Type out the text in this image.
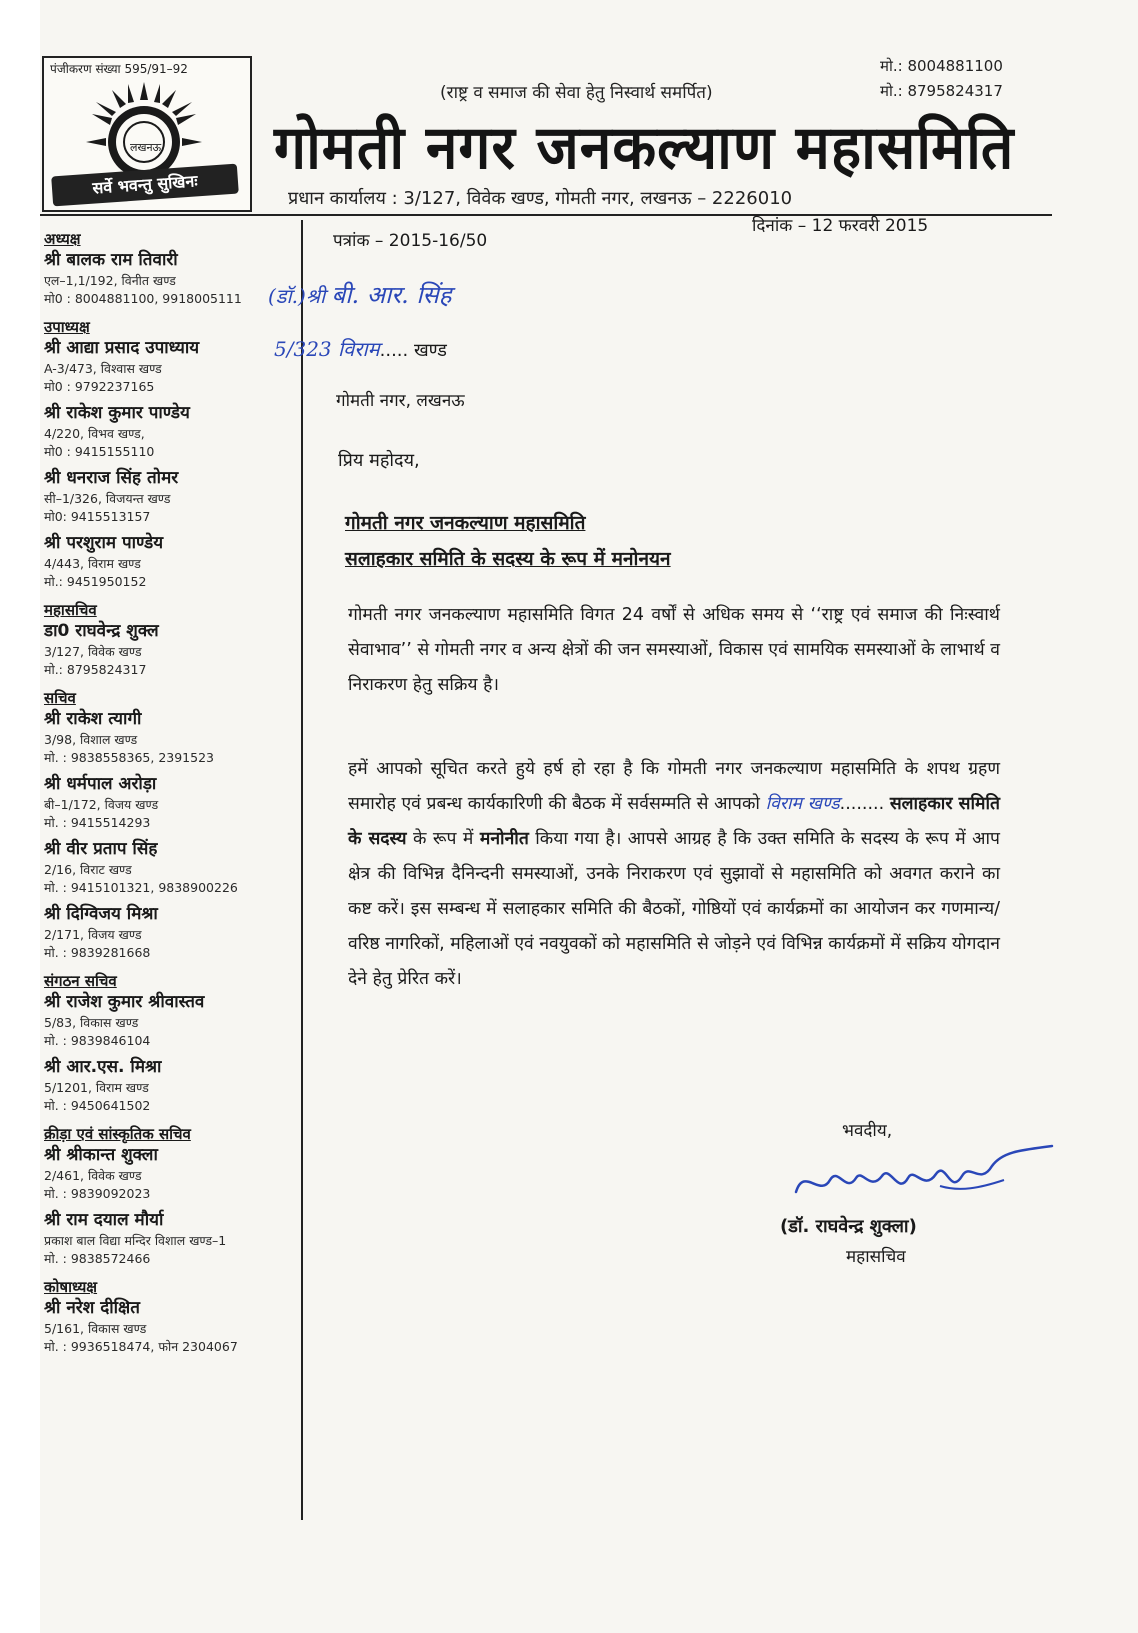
पंजीकरण संख्या 595/91–92
लखनऊ
सर्वे भवन्तु सुखिनः
मो.: 8004881100
मो.: 8795824317
(राष्ट्र व समाज की सेवा हेतु निस्वार्थ समर्पित)
गोमती नगर जनकल्याण महासमिति
प्रधान कार्यालय : 3/127, विवेक खण्ड, गोमती नगर, लखनऊ – 2226010
अध्यक्ष
श्री बालक राम तिवारी
एल–1,1/192, विनीत खण्ड
मो0 : 8004881100, 9918005111
उपाध्यक्ष
श्री आद्या प्रसाद उपाध्याय
A-3/473, विश्वास खण्ड
मो0 : 9792237165
श्री राकेश कुमार पाण्डेय
4/220, विभव खण्ड,
मो0 : 9415155110
श्री धनराज सिंह तोमर
सी–1/326, विजयन्त खण्ड
मो0: 9415513157
श्री परशुराम पाण्डेय
4/443, विराम खण्ड
मो.: 9451950152
महासचिव
डा0 राघवेन्द्र शुक्ल
3/127, विवेक खण्ड
मो.: 8795824317
सचिव
श्री राकेश त्यागी
3/98, विशाल खण्ड
मो. : 9838558365, 2391523
श्री धर्मपाल अरोड़ा
बी–1/172, विजय खण्ड
मो. : 9415514293
श्री वीर प्रताप सिंह
2/16, विराट खण्ड
मो. : 9415101321, 9838900226
श्री दिग्विजय मिश्रा
2/171, विजय खण्ड
मो. : 9839281668
संगठन सचिव
श्री राजेश कुमार श्रीवास्तव
5/83, विकास खण्ड
मो. : 9839846104
श्री आर.एस. मिश्रा
5/1201, विराम खण्ड
मो. : 9450641502
क्रीड़ा एवं सांस्कृतिक सचिव
श्री श्रीकान्त शुक्ला
2/461, विवेक खण्ड
मो. : 9839092023
श्री राम दयाल मौर्या
प्रकाश बाल विद्या मन्दिर विशाल खण्ड–1
मो. : 9838572466
कोषाध्यक्ष
श्री नरेश दीक्षित
5/161, विकास खण्ड
मो. : 9936518474, फोन 2304067
पत्रांक – 2015-16/50
दिनांक – 12 फरवरी 2015
(डॉ.)श्री बी. आर. सिंह
5/323 विराम..... खण्ड
गोमती नगर, लखनऊ
प्रिय महोदय,
गोमती नगर जनकल्याण महासमिति
सलाहकार समिति के सदस्य के रूप में मनोनयन
गोमती नगर जनकल्याण महासमिति विगत 24 वर्षों से अधिक समय से ‘‘राष्ट्र एवं समाज की निःस्वार्थ सेवाभाव’’ से गोमती नगर व अन्य क्षेत्रों की जन समस्याओं, विकास एवं सामयिक समस्याओं के लाभार्थ व निराकरण हेतु सक्रिय है।
हमें आपको सूचित करते हुये हर्ष हो रहा है कि गोमती नगर जनकल्याण महासमिति के शपथ ग्रहण समारोह एवं प्रबन्ध कार्यकारिणी की बैठक में सर्वसम्मति से आपको विराम खण्ड........ सलाहकार समिति के सदस्य के रूप में मनोनीत किया गया है। आपसे आग्रह है कि उक्त समिति के सदस्य के रूप में आप क्षेत्र की विभिन्न दैनिन्दनी समस्याओं, उनके निराकरण एवं सुझावों से महासमिति को अवगत कराने का कष्ट करें। इस सम्बन्ध में सलाहकार समिति की बैठकों, गोष्ठियों एवं कार्यक्रमों का आयोजन कर गणमान्य/वरिष्ठ नागरिकों, महिलाओं एवं नवयुवकों को महासमिति से जोड़ने एवं विभिन्न कार्यक्रमों में सक्रिय योगदान देने हेतु प्रेरित करें।
भवदीय,
(डॉ. राघवेन्द्र शुक्ला)
महासचिव
